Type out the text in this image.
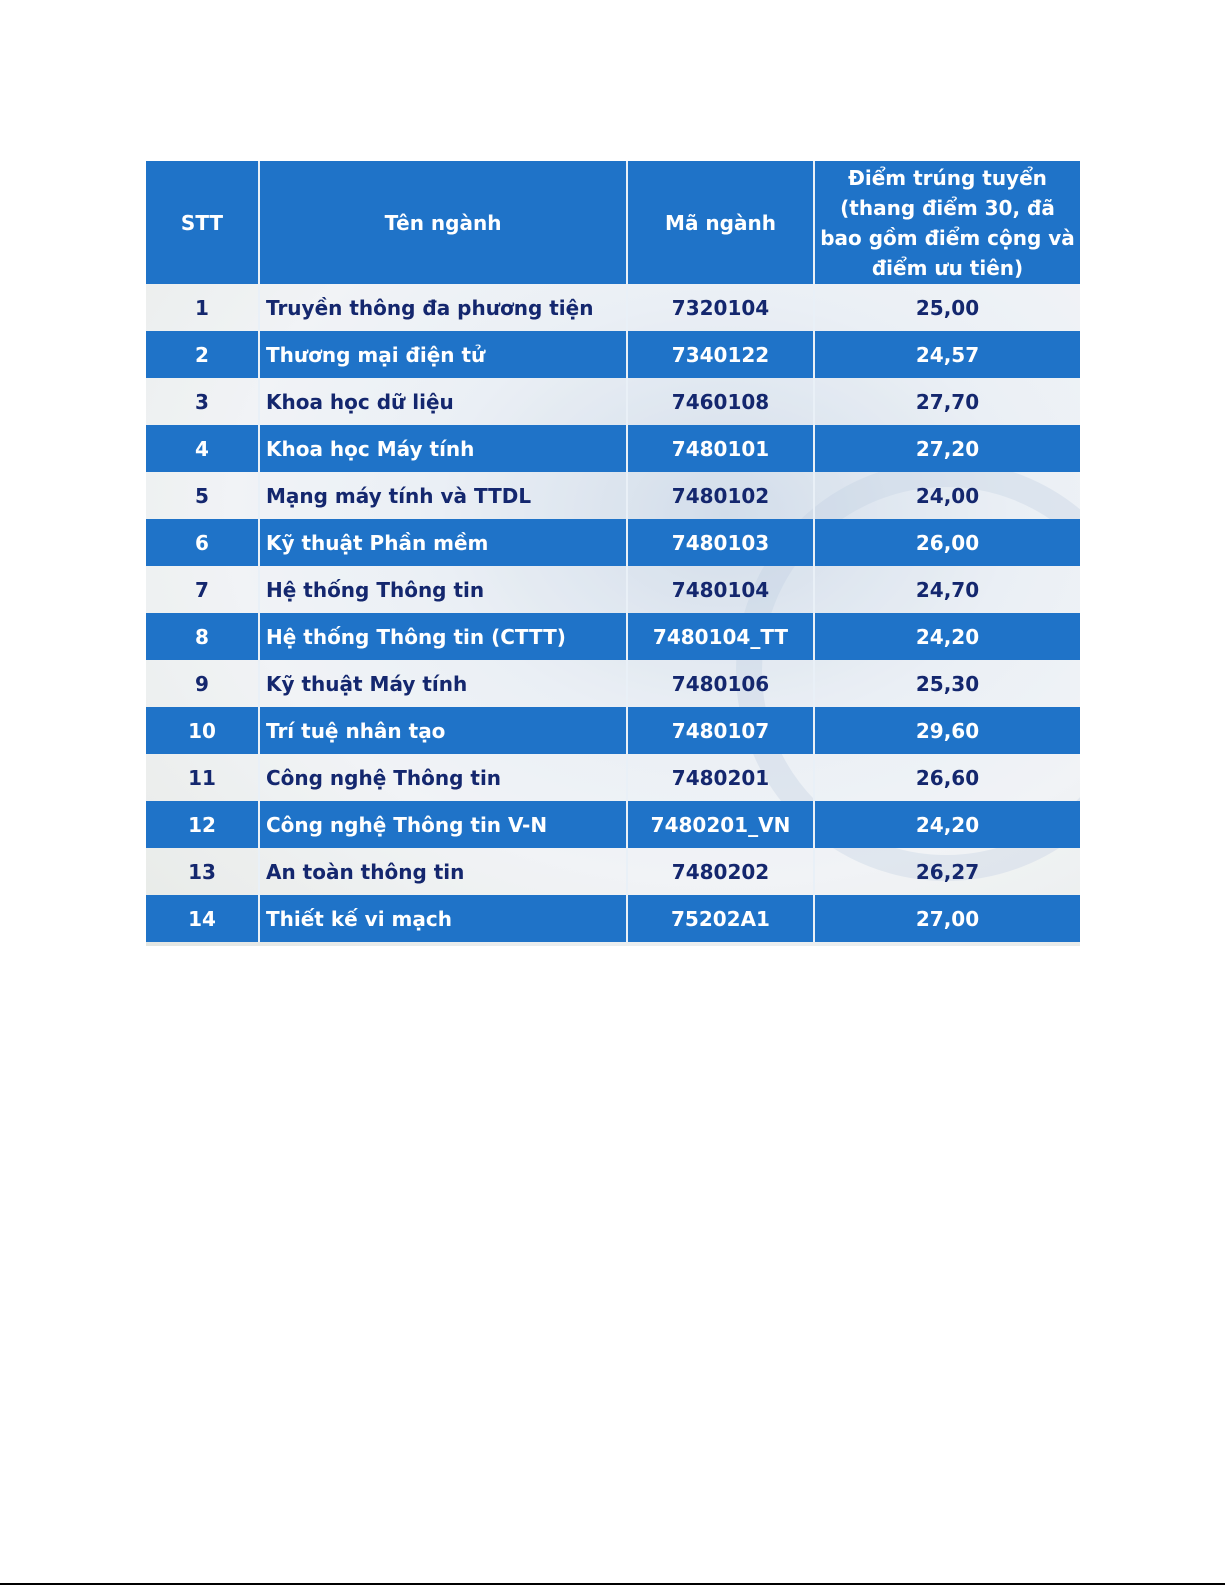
STT	Tên ngành	Mã ngành	Điểm trúng tuyển (thang điểm 30, đã bao gồm điểm cộng và điểm ưu tiên)
1	Truyền thông đa phương tiện	7320104	25,00
2	Thương mại điện tử	7340122	24,57
3	Khoa học dữ liệu	7460108	27,70
4	Khoa học Máy tính	7480101	27,20
5	Mạng máy tính và TTDL	7480102	24,00
6	Kỹ thuật Phần mềm	7480103	26,00
7	Hệ thống Thông tin	7480104	24,70
8	Hệ thống Thông tin (CTTT)	7480104_TT	24,20
9	Kỹ thuật Máy tính	7480106	25,30
10	Trí tuệ nhân tạo	7480107	29,60
11	Công nghệ Thông tin	7480201	26,60
12	Công nghệ Thông tin V-N	7480201_VN	24,20
13	An toàn thông tin	7480202	26,27
14	Thiết kế vi mạch	75202A1	27,00
